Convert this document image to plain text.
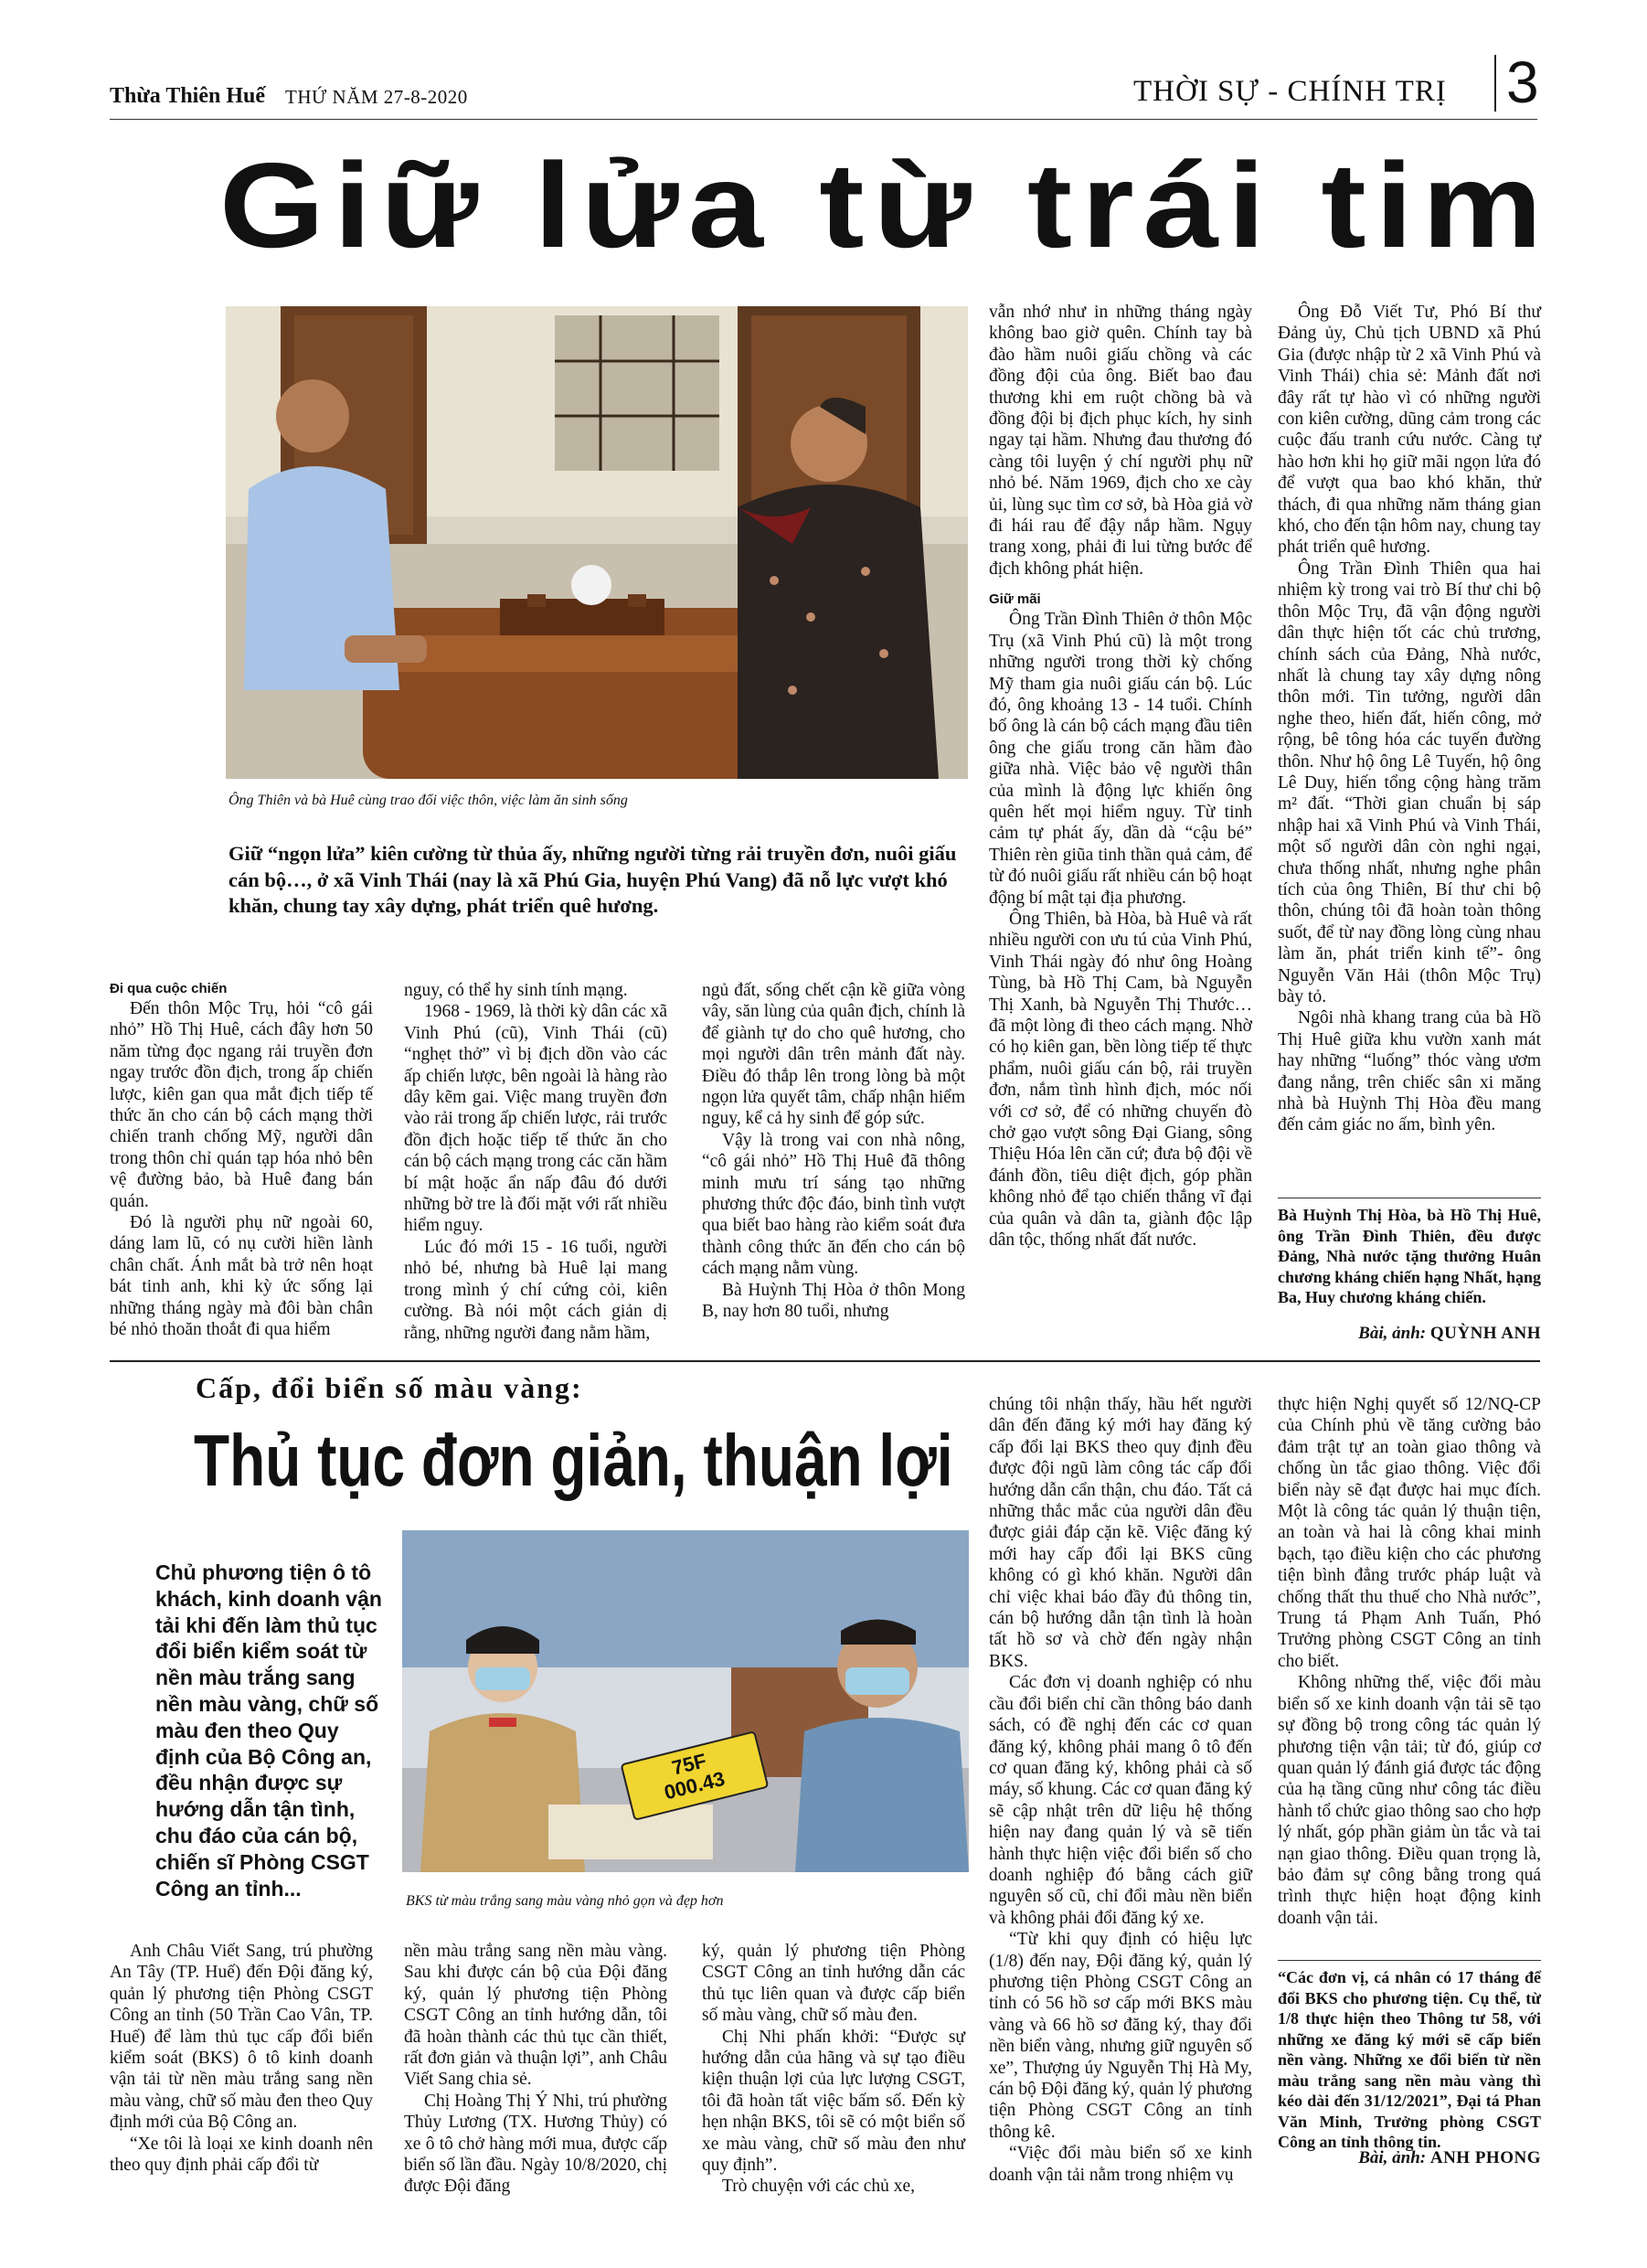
Thừa Thiên Huế THỨ NĂM 27-8-2020	THỜI SỰ - CHÍNH TRỊ 3
Giữ lửa từ trái tim
Ông Thiên và bà Huê cùng trao đổi việc thôn, việc làm ăn sinh sống
Giữ “ngọn lửa” kiên cường từ thủa ấy, những người từng rải truyền đơn, nuôi giấu cán bộ…, ở xã Vinh Thái (nay là xã Phú Gia, huyện Phú Vang) đã nỗ lực vượt khó khăn, chung tay xây dựng, phát triển quê hương.
Đi qua cuộc chiến

Đến thôn Mộc Trụ, hỏi “cô gái nhỏ” Hồ Thị Huê, cách đây hơn 50 năm từng đọc ngang rải truyền đơn ngay trước đồn địch, trong ấp chiến lược, kiên gan qua mắt địch tiếp tế thức ăn cho cán bộ cách mạng thời chiến tranh chống Mỹ, người dân trong thôn chỉ quán tạp hóa nhỏ bên vệ đường bảo, bà Huê đang bán quán.

Đó là người phụ nữ ngoài 60, dáng lam lũ, có nụ cười hiền lành chân chất. Ánh mắt bà trở nên hoạt bát tinh anh, khi kỳ ức sống lại những tháng ngày mà đôi bàn chân bé nhỏ thoăn thoắt đi qua hiểm

nguy, có thể hy sinh tính mạng.

1968 - 1969, là thời kỳ dân các xã Vinh Phú (cũ), Vinh Thái (cũ) “nghẹt thở” vì bị địch dồn vào các ấp chiến lược, bên ngoài là hàng rào dây kẽm gai. Việc mang truyền đơn vào rải trong ấp chiến lược, rải trước đồn địch hoặc tiếp tế thức ăn cho cán bộ cách mạng trong các căn hầm bí mật hoặc ẩn nấp đâu đó dưới những bờ tre là đối mặt với rất nhiều hiểm nguy.

Lúc đó mới 15 - 16 tuổi, người nhỏ bé, nhưng bà Huê lại mang trong mình ý chí cứng cỏi, kiên cường. Bà nói một cách giản dị rằng, những người đang nằm hầm,

ngủ đất, sống chết cận kề giữa vòng vây, săn lùng của quân địch, chính là để giành tự do cho quê hương, cho mọi người dân trên mảnh đất này. Điều đó thắp lên trong lòng bà một ngọn lửa quyết tâm, chấp nhận hiểm nguy, kể cả hy sinh để góp sức.

Vậy là trong vai con nhà nông, “cô gái nhỏ” Hồ Thị Huê đã thông minh mưu trí sáng tạo những phương thức độc đáo, binh tình vượt qua biết bao hàng rào kiểm soát đưa thành công thức ăn đến cho cán bộ cách mạng nằm vùng.

Bà Huỳnh Thị Hòa ở thôn Mong B, nay hơn 80 tuổi, nhưng

vẫn nhớ như in những tháng ngày không bao giờ quên. Chính tay bà đào hầm nuôi giấu chồng và các đồng đội của ông. Biết bao đau thương khi em ruột chồng bà và đồng đội bị địch phục kích, hy sinh ngay tại hầm. Nhưng đau thương đó càng tôi luyện ý chí người phụ nữ nhỏ bé. Năm 1969, địch cho xe cày ủi, lùng sục tìm cơ sở, bà Hòa giả vờ đi hái rau để đậy nắp hầm. Ngụy trang xong, phải đi lui từng bước để địch không phát hiện.

Giữ mãi

Ông Trần Đình Thiên ở thôn Mộc Trụ (xã Vinh Phú cũ) là một trong những người trong thời kỳ chống Mỹ tham gia nuôi giấu cán bộ. Lúc đó, ông khoảng 13 - 14 tuổi. Chính bố ông là cán bộ cách mạng đầu tiên ông che giấu trong căn hầm đào giữa nhà. Việc bảo vệ người thân của mình là động lực khiến ông quên hết mọi hiểm nguy. Từ tinh cảm tự phát ấy, dần dà “cậu bé” Thiên rèn giũa tinh thần quả cảm, để từ đó nuôi giấu rất nhiều cán bộ hoạt động bí mật tại địa phương.

Ông Thiên, bà Hòa, bà Huê và rất nhiều người con ưu tú của Vinh Phú, Vinh Thái ngày đó như ông Hoàng Tùng, bà Hồ Thị Cam, bà Nguyễn Thị Xanh, bà Nguyễn Thị Thước… đã một lòng đi theo cách mạng. Nhờ có họ kiên gan, bền lòng tiếp tế thực phẩm, nuôi giấu cán bộ, rải truyền đơn, nắm tình hình địch, móc nối với cơ sở, để có những chuyến đò chở gạo vượt sông Đại Giang, sông Thiệu Hóa lên căn cứ; đưa bộ đội về đánh đồn, tiêu diệt địch, góp phần không nhỏ để tạo chiến thắng vĩ đại của quân và dân ta, giành độc lập dân tộc, thống nhất đất nước.

Ông Đỗ Viết Tư, Phó Bí thư Đảng ủy, Chủ tịch UBND xã Phú Gia (được nhập từ 2 xã Vinh Phú và Vinh Thái) chia sẻ: Mảnh đất nơi đây rất tự hào vì có những người con kiên cường, dũng cảm trong các cuộc đấu tranh cứu nước. Càng tự hào hơn khi họ giữ mãi ngọn lửa đó để vượt qua bao khó khăn, thử thách, đi qua những năm tháng gian khó, cho đến tận hôm nay, chung tay phát triển quê hương.

Ông Trần Đình Thiên qua hai nhiệm kỳ trong vai trò Bí thư chi bộ thôn Mộc Trụ, đã vận động người dân thực hiện tốt các chủ trương, chính sách của Đảng, Nhà nước, nhất là chung tay xây dựng nông thôn mới. Tin tưởng, người dân nghe theo, hiến đất, hiến công, mở rộng, bê tông hóa các tuyến đường thôn. Như hộ ông Lê Tuyến, hộ ông Lê Duy, hiến tổng cộng hàng trăm m² đất. “Thời gian chuẩn bị sáp nhập hai xã Vinh Phú và Vinh Thái, một số người dân còn nghi ngại, chưa thống nhất, nhưng nghe phân tích của ông Thiên, Bí thư chi bộ thôn, chúng tôi đã hoàn toàn thông suốt, để từ nay đồng lòng cùng nhau làm ăn, phát triển kinh tế”- ông Nguyễn Văn Hải (thôn Mộc Trụ) bày tỏ.

Ngôi nhà khang trang của bà Hồ Thị Huê giữa khu vườn xanh mát hay những “luống” thóc vàng ươm đang nắng, trên chiếc sân xi măng nhà bà Huỳnh Thị Hòa đều mang đến cảm giác no ấm, bình yên.

Bà Huỳnh Thị Hòa, bà Hồ Thị Huê, ông Trần Đình Thiên, đều được Đảng, Nhà nước tặng thưởng Huân chương kháng chiến hạng Nhất, hạng Ba, Huy chương kháng chiến.
Bài, ảnh: QUỲNH ANH
Cấp, đổi biển số màu vàng:
Thủ tục đơn giản, thuận lợi
Chủ phương tiện ô tô khách, kinh doanh vận tải khi đến làm thủ tục đổi biển kiểm soát từ nền màu trắng sang nền màu vàng, chữ số màu đen theo Quy định của Bộ Công an, đều nhận được sự hướng dẫn tận tình, chu đáo của cán bộ, chiến sĩ Phòng CSGT Công an tỉnh...
75F
000.43
BKS từ màu trắng sang màu vàng nhỏ gọn và đẹp hơn

Anh Châu Viết Sang, trú phường An Tây (TP. Huế) đến Đội đăng ký, quản lý phương tiện Phòng CSGT Công an tỉnh (50 Trần Cao Vân, TP. Huế) để làm thủ tục cấp đổi biển kiểm soát (BKS) ô tô kinh doanh vận tải từ nền màu trắng sang nền màu vàng, chữ số màu đen theo Quy định mới của Bộ Công an.

“Xe tôi là loại xe kinh doanh nên theo quy định phải cấp đổi từ

nền màu trắng sang nền màu vàng. Sau khi được cán bộ của Đội đăng ký, quản lý phương tiện Phòng CSGT Công an tỉnh hướng dẫn, tôi đã hoàn thành các thủ tục cần thiết, rất đơn giản và thuận lợi”, anh Châu Viết Sang chia sẻ.

Chị Hoàng Thị Ý Nhi, trú phường Thủy Lương (TX. Hương Thủy) có xe ô tô chở hàng mới mua, được cấp biển số lần đầu. Ngày 10/8/2020, chị được Đội đăng

ký, quản lý phương tiện Phòng CSGT Công an tỉnh hướng dẫn các thủ tục liên quan và được cấp biển số màu vàng, chữ số màu đen.

Chị Nhi phấn khởi: “Được sự hướng dẫn của hãng và sự tạo điều kiện thuận lợi của lực lượng CSGT, tôi đã hoàn tất việc bấm số. Đến kỳ hẹn nhận BKS, tôi sẽ có một biển số xe màu vàng, chữ số màu đen như quy định”.

Trò chuyện với các chủ xe,

chúng tôi nhận thấy, hầu hết người dân đến đăng ký mới hay đăng ký cấp đổi lại BKS theo quy định đều được đội ngũ làm công tác cấp đổi hướng dẫn cẩn thận, chu đáo. Tất cả những thắc mắc của người dân đều được giải đáp cặn kẽ. Việc đăng ký mới hay cấp đổi lại BKS cũng không có gì khó khăn. Người dân chỉ việc khai báo đầy đủ thông tin, cán bộ hướng dẫn tận tình là hoàn tất hồ sơ và chờ đến ngày nhận BKS.

Các đơn vị doanh nghiệp có nhu cầu đổi biển chỉ cần thông báo danh sách, có đề nghị đến các cơ quan đăng ký, không phải mang ô tô đến cơ quan đăng ký, không phải cà số máy, số khung. Các cơ quan đăng ký sẽ cập nhật trên dữ liệu hệ thống hiện nay đang quản lý và sẽ tiến hành thực hiện việc đổi biển số cho doanh nghiệp đó bằng cách giữ nguyên số cũ, chỉ đổi màu nền biển và không phải đổi đăng ký xe.

“Từ khi quy định có hiệu lực (1/8) đến nay, Đội đăng ký, quản lý phương tiện Phòng CSGT Công an tỉnh có 56 hồ sơ cấp mới BKS màu vàng và 66 hồ sơ đăng ký, thay đổi nền biển vàng, nhưng giữ nguyên số xe”, Thượng úy Nguyễn Thị Hà My, cán bộ Đội đăng ký, quản lý phương tiện Phòng CSGT Công an tỉnh thông kê.

“Việc đổi màu biển số xe kinh doanh vận tải nằm trong nhiệm vụ

thực hiện Nghị quyết số 12/NQ-CP của Chính phủ về tăng cường bảo đảm trật tự an toàn giao thông và chống ùn tắc giao thông. Việc đổi biển này sẽ đạt được hai mục đích. Một là công tác quản lý thuận tiện, an toàn và hai là công khai minh bạch, tạo điều kiện cho các phương tiện bình đẳng trước pháp luật và chống thất thu thuế cho Nhà nước”, Trung tá Phạm Anh Tuấn, Phó Trưởng phòng CSGT Công an tỉnh cho biết.

Không những thế, việc đổi màu biển số xe kinh doanh vận tải sẽ tạo sự đồng bộ trong công tác quản lý phương tiện vận tải; từ đó, giúp cơ quan quản lý đánh giá được tác động của hạ tầng cũng như công tác điều hành tổ chức giao thông sao cho hợp lý nhất, góp phần giảm ùn tắc và tai nạn giao thông. Điều quan trọng là, bảo đảm sự công bằng trong quá trình thực hiện hoạt động kinh doanh vận tải.

“Các đơn vị, cá nhân có 17 tháng để đổi BKS cho phương tiện. Cụ thể, từ 1/8 thực hiện theo Thông tư 58, với những xe đăng ký mới sẽ cấp biển nền vàng. Những xe đổi biển từ nền màu trắng sang nền màu vàng thì kéo dài đến 31/12/2021”, Đại tá Phan Văn Minh, Trưởng phòng CSGT Công an tỉnh thông tin.
Bài, ảnh: ANH PHONG
